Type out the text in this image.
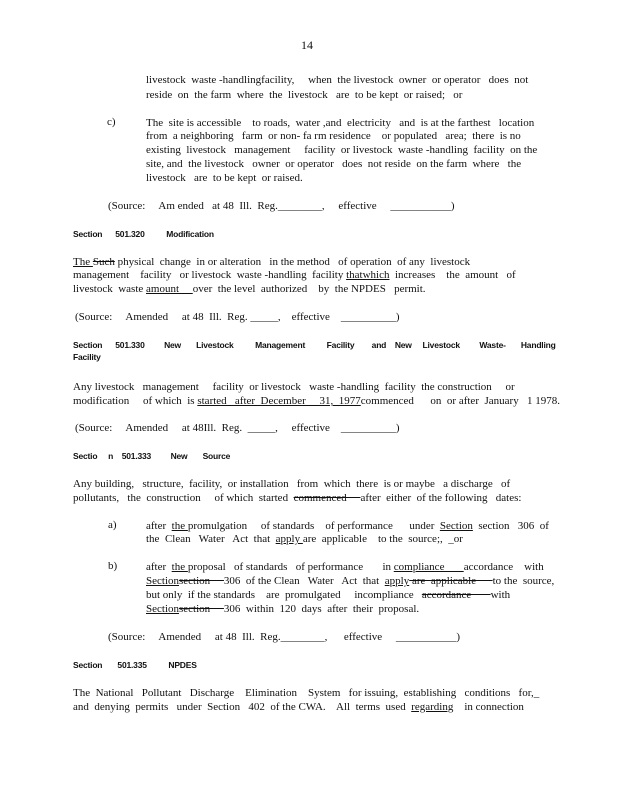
14
livestock  waste -handlingfacility,     when  the livestock  owner  or operator   does  not
reside  on  the farm  where  the  livestock   are  to be kept  or raised;   or
c)	The  site is accessible    to roads,  water ,and  electricity   and  is at the farthest   location
from  a neighboring   farm  or non- fa rm residence    or populated   area;  there  is no
existing  livestock   management     facility  or livestock  waste -handling  facility  on the
site, and  the livestock   owner  or operator   does  not reside  on the farm  where   the
livestock   are  to be kept  or raised.
(Source:     Am ended   at 48  Ill.  Reg.________,     effective ___________)
Section      501.320	Modification
The Such physical  change  in or alteration   in the method   of operation  of any  livestock
management    facility   or livestock  waste -handling  facility thatwhich  increases    the  amount   of
livestock  waste amount     over  the level  authorized    by  the NPDES   permit.
(Source:     Amended     at 48  Ill.  Reg. _____,    effective __________)
Section      501.330 New       Livestock          Management          Facility        and    New     Livestock         Waste-       Handling
Facility
Any livestock   management     facility  or livestock   waste -handling  facility  the construction     or
modification     of which  is started   after  December     31,  1977commenced      on  or after  January   1 1978.
(Source:     Amended     at 48Ill.  Reg. _____,     effective __________)
Sectio     n    501.333 New       Source
Any building,   structure,  facility,  or installation   from  which  there  is or maybe   a discharge   of
pollutants,   the  construction     of which  started  commenced     after  either  of the following   dates:
a)	after  the promulgation     of standards    of performance      under  Section  section   306  of
the  Clean   Water   Act  that  apply are  applicable    to the  source;,  _or
b)	after  the proposal   of standards   of performance       in compliance       accordance    with
Sectionsection     306  of the Clean   Water   Act  that  apply are  applicable      to the  source,
but only  if the standards    are  promulgated     incompliance   accordance       with
Sectionsection     306  within  120  days  after  their  proposal.
(Source:     Amended     at 48  Ill.  Reg.________,      effective ___________)
Section       501.335	NPDES
The  National   Pollutant   Discharge    Elimination    System   for issuing,  establishing   conditions   for,_
and  denying  permits   under  Section   402  of the CWA.    All  terms  used  regarding    in connection
